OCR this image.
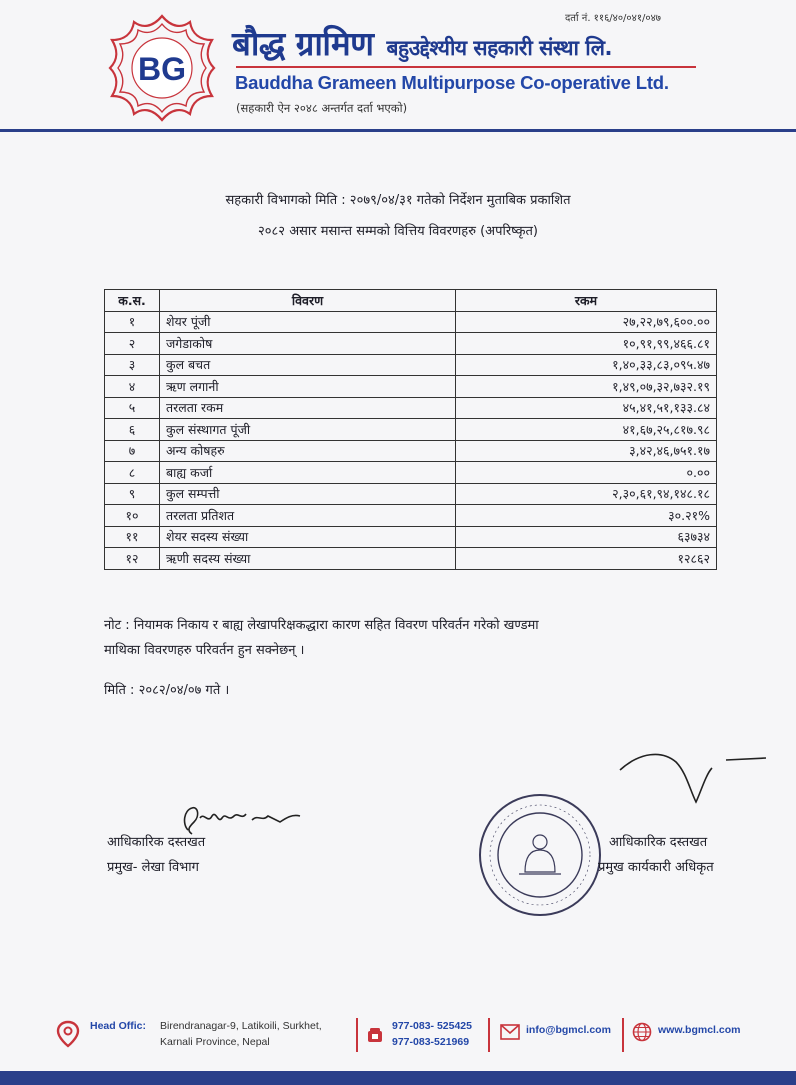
दर्ता नं. ११६/४०/०४१/०४७
BG
बौद्ध ग्रामिण बहुउद्देश्यीय सहकारी संस्था लि.
Bauddha Grameen Multipurpose Co-operative Ltd.
(सहकारी ऐन २०४८ अन्तर्गत दर्ता भएको)
सहकारी विभागको मिति : २०७९/०४/३१ गतेको निर्देशन मुताबिक प्रकाशित
२०८२ असार मसान्त सम्मको वित्तिय विवरणहरु (अपरिष्कृत)
क.स.	विवरण	रकम
१	शेयर पूंजी	२७,२२,७९,६००.००
२	जगेडाकोष	१०,९१,९९,४६६.८१
३	कुल बचत	१,४०,३३,८३,०९५.४७
४	ऋण लगानी	१,४९,०७,३२,७३२.१९
५	तरलता रकम	४५,४१,५१,१३३.८४
६	कुल संस्थागत पूंजी	४१,६७,२५,८१७.९८
७	अन्य कोषहरु	३,४२,४६,७५१.१७
८	बाह्य कर्जा	०.००
९	कुल सम्पत्ती	२,३०,६१,९४,१४८.१८
१०	तरलता प्रतिशत	३०.२१%
११	शेयर सदस्य संख्या	६३७३४
१२	ऋणी सदस्य संख्या	१२८६२
नोट : नियामक निकाय र बाह्य लेखापरिक्षकद्धारा कारण सहित विवरण परिवर्तन गरेको खण्डमा
माथिका विवरणहरु परिवर्तन हुन सक्नेछन् ।
मिति : २०८२/०४/०७ गते ।
आधिकारिक दस्तखत
प्रमुख- लेखा विभाग
आधिकारिक दस्तखत
प्रमुख कार्यकारी अधिकृत
Head Offic: Birendranagar-9, Latikoili, Surkhet,
Karnali Province, Nepal
977-083- 525425
977-083-521969
info@bgmcl.com	www.bgmcl.com
